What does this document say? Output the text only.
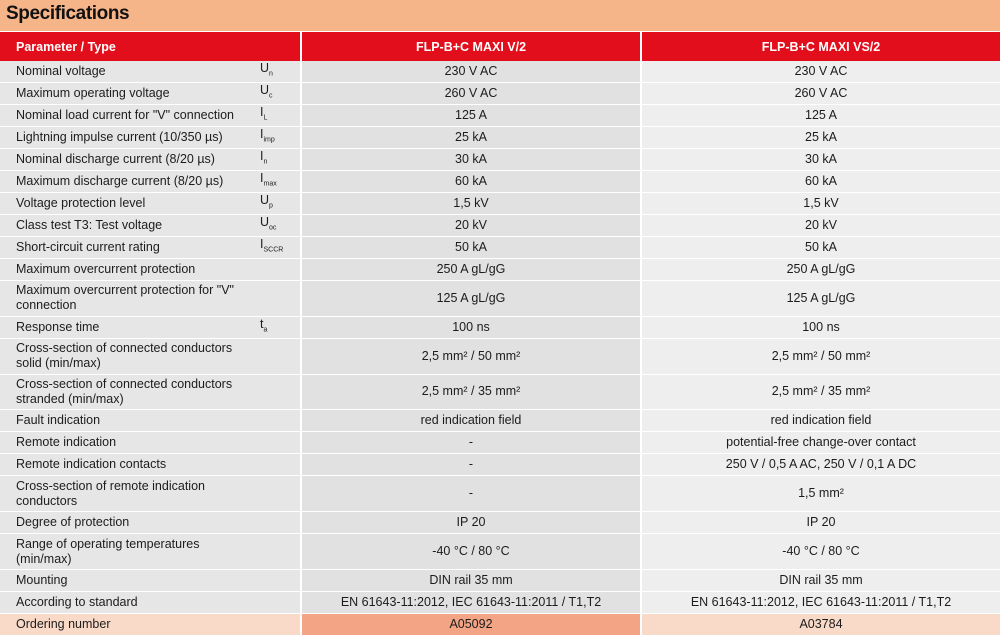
Specifications
Parameter / Type	FLP-B+C MAXI V/2	FLP-B+C MAXI VS/2

Nominal voltage $U_n$	230 V AC	230 V AC

Maximum operating voltage $U_c$	260 V AC	260 V AC

Nominal load current for "V" connection $I_L$	125 A	125 A

Lightning impulse current (10/350 µs) $I_{imp}$	25 kA	25 kA

Nominal discharge current (8/20 µs) $I_n$	30 kA	30 kA

Maximum discharge current (8/20 µs) $I_{max}$	60 kA	60 kA

Voltage protection level $U_p$	1,5 kV	1,5 kV

Class test T3: Test voltage $U_{oc}$	20 kV	20 kV

Short-circuit current rating $I_{SCCR}$	50 kA	50 kA

Maximum overcurrent protection	250 A gL/gG	250 A gL/gG

Maximum overcurrent protection for "V" connection	125 A gL/gG	125 A gL/gG

Response time $t_a$	100 ns	100 ns

Cross-section of connected conductors solid (min/max)	2,5 mm² / 50 mm²	2,5 mm² / 50 mm²

Cross-section of connected conductors stranded (min/max)	2,5 mm² / 35 mm²	2,5 mm² / 35 mm²

Fault indication	red indication field	red indication field

Remote indication	-	potential-free change-over contact

Remote indication contacts	-	250 V / 0,5 A AC, 250 V / 0,1 A DC

Cross-section of remote indication conductors	-	1,5 mm²

Degree of protection	IP 20	IP 20

Range of operating temperatures (min/max)	-40 °C / 80 °C	-40 °C / 80 °C

Mounting	DIN rail 35 mm	DIN rail 35 mm

According to standard	EN 61643-11:2012, IEC 61643-11:2011 / T1,T2	EN 61643-11:2012, IEC 61643-11:2011 / T1,T2

Ordering number	A05092	A03784
